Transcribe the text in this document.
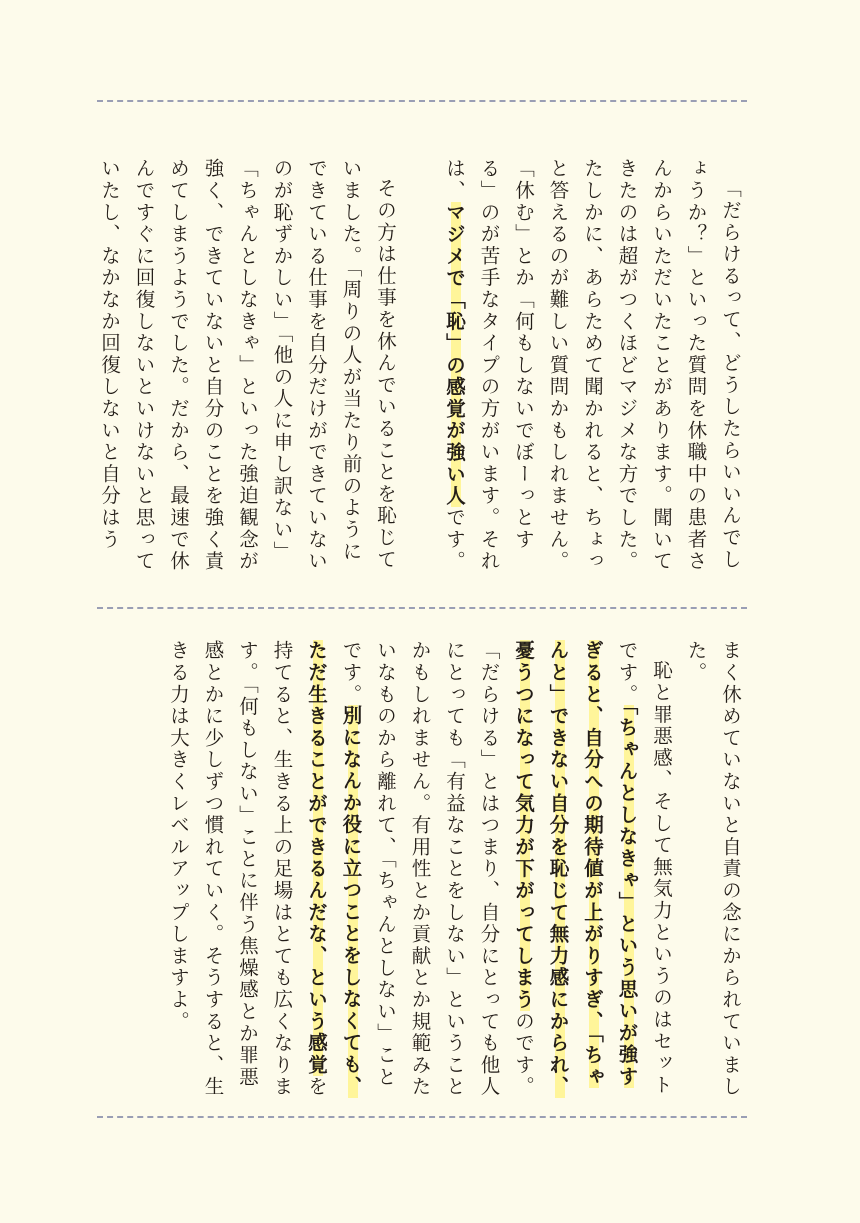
「だらけるって、どうしたらいいんでしょうか？」といった質問を休職中の患者さんからいただいたことがあります。聞いてきたのは超がつくほどマジメな方でした。たしかに、あらためて聞かれると、ちょっと答えるのが難しい質問かもしれません。

「休む」とか「何もしないでぼーっとする」のが苦手なタイプの方がいます。それは、マジメで「恥」の感覚が強い人です。

その方は仕事を休んでいることを恥じていました。「周りの人が当たり前のようにできている仕事を自分だけができていないのが恥ずかしい」「他の人に申し訳ない」「ちゃんとしなきゃ」といった強迫観念が強く、できていないと自分のことを強く責めてしまうようでした。だから、最速で休んですぐに回復しないといけないと思っていたし、なかなか回復しないと自分はう

まく休めていないと自責の念にかられていました。

恥と罪悪感、そして無気力というのはセットです。「ちゃんとしなきゃ」という思いが強すぎると、自分への期待値が上がりすぎ、「ちゃんと」できない自分を恥じて無力感にかられ、憂うつになって気力が下がってしまうのです。

「だらける」とはつまり、自分にとっても他人にとっても「有益なことをしない」ということかもしれません。有用性とか貢献とか規範みたいなものから離れて、「ちゃんとしない」ことです。別になんか役に立つことをしなくても、ただ生きることができるんだな、という感覚を持てると、生きる上の足場はとても広くなります。「何もしない」ことに伴う焦燥感とか罪悪感とかに少しずつ慣れていく。そうすると、生きる力は大きくレベルアップしますよ。
